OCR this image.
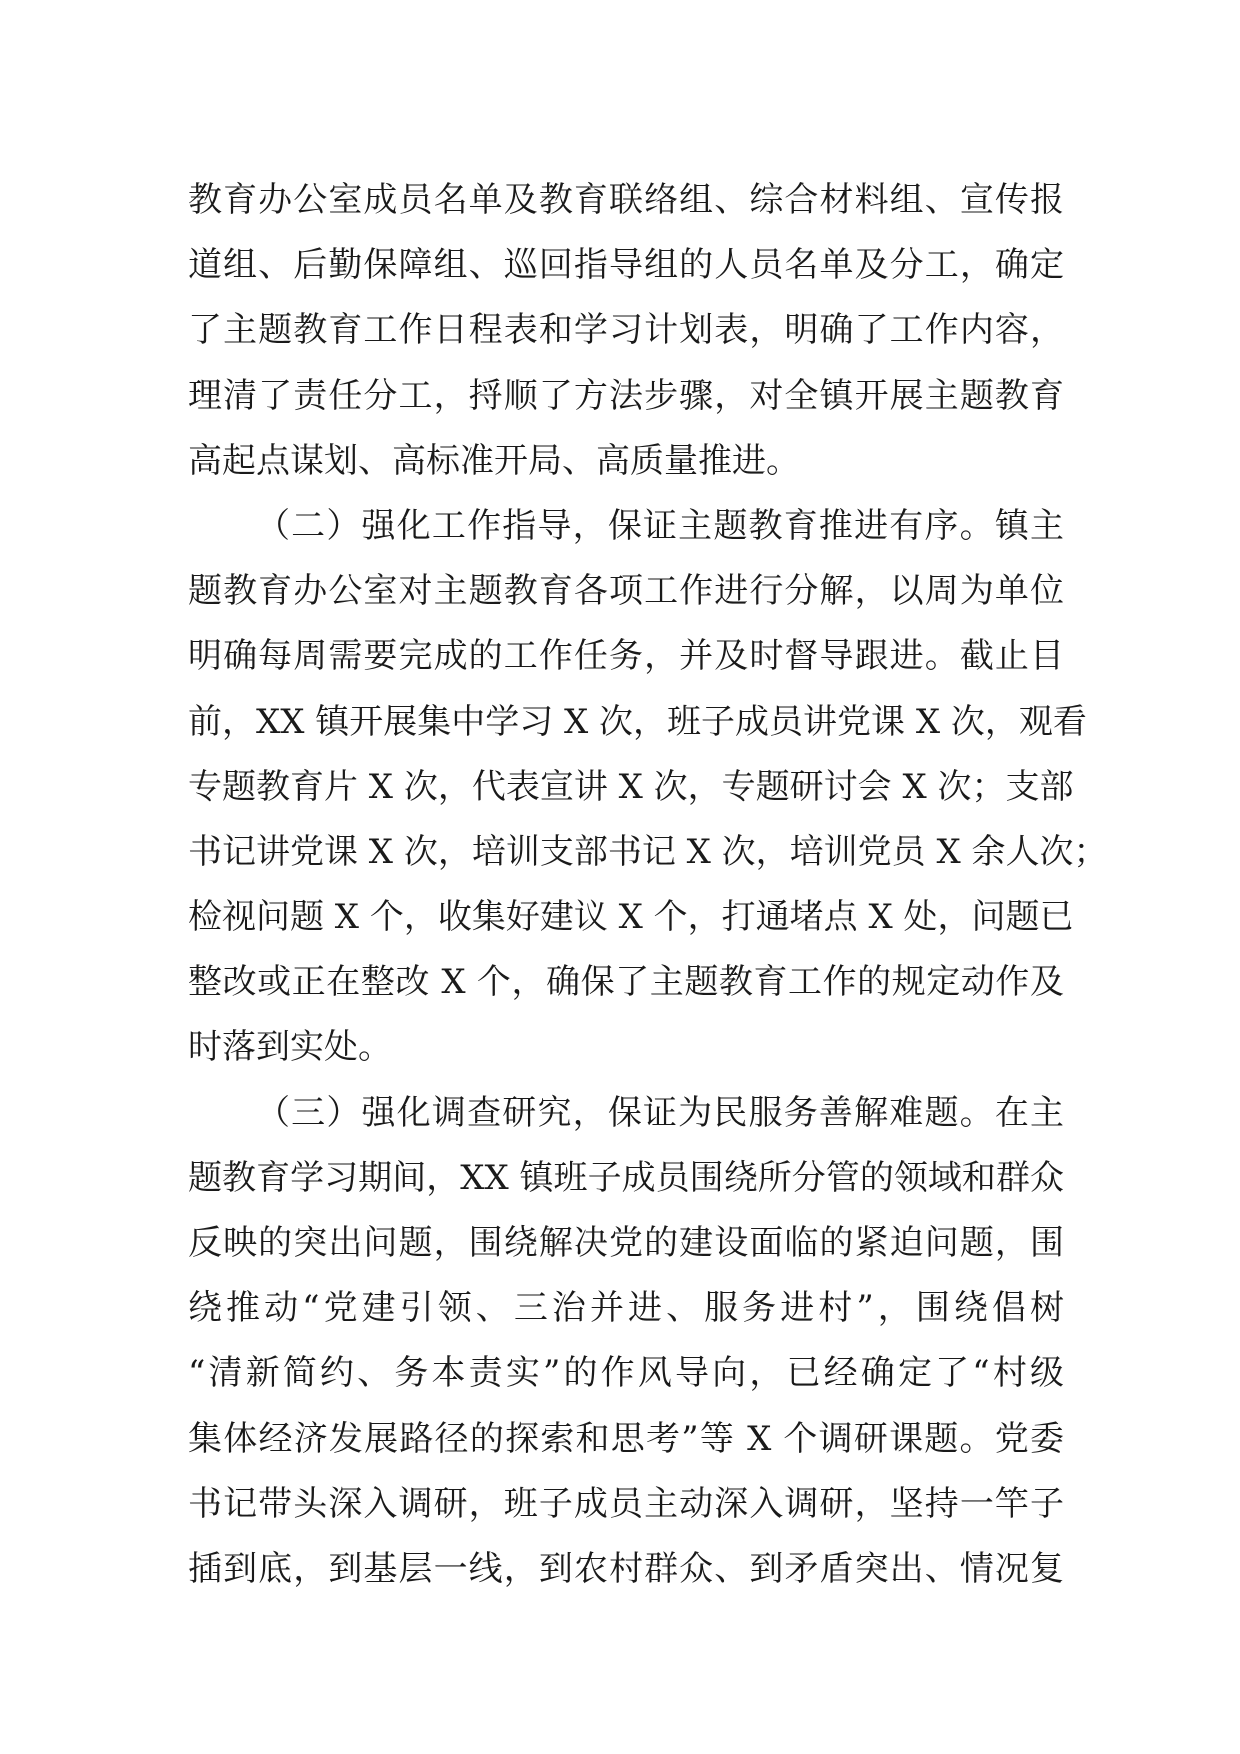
教育办公室成员名单及教育联络组、综合材料组、宣传报
道组、后勤保障组、巡回指导组的人员名单及分工，确定
了主题教育工作日程表和学习计划表，明确了工作内容，
理清了责任分工，捋顺了方法步骤，对全镇开展主题教育
高起点谋划、高标准开局、高质量推进。
（二）强化工作指导，保证主题教育推进有序。镇主
题教育办公室对主题教育各项工作进行分解，以周为单位
明确每周需要完成的工作任务，并及时督导跟进。截止目
前，XX 镇开展集中学习 X 次，班子成员讲党课 X 次，观看
专题教育片 X 次，代表宣讲 X 次，专题研讨会 X 次；支部
书记讲党课 X 次，培训支部书记 X 次，培训党员 X 余人次；
检视问题 X 个，收集好建议 X 个，打通堵点 X 处，问题已
整改或正在整改 X 个，确保了主题教育工作的规定动作及
时落到实处。
（三）强化调查研究，保证为民服务善解难题。在主
题教育学习期间，XX 镇班子成员围绕所分管的领域和群众
反映的突出问题，围绕解决党的建设面临的紧迫问题，围
绕推动“党建引领、三治并进、服务进村”，围绕倡树
“清新简约、务本责实”的作风导向，已经确定了“村级
集体经济发展路径的探索和思考”等 X 个调研课题。党委
书记带头深入调研，班子成员主动深入调研，坚持一竿子
插到底，到基层一线，到农村群众、到矛盾突出、情况复
